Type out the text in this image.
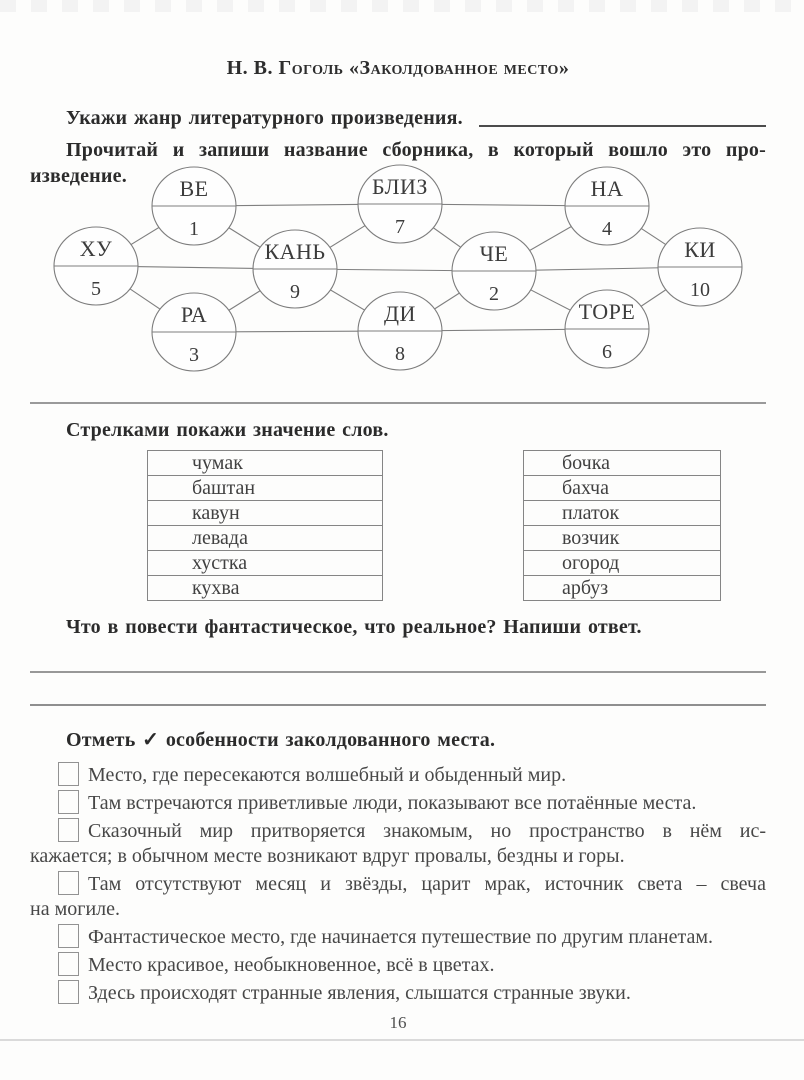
Н. В. Гоголь «Заколдованное место»
Укажи жанр литературного произведения.
Прочитай и запиши название сборника, в который вошло это про-
изведение.	ВЕ
1
БЛИЗ
7
НА
4
ХУ
5
КАНЬ
9
ЧЕ
2
КИ
10
РА
3
ДИ
8
ТОРЕ
6
Стрелками покажи значение слов.
чумак
баштан
кавун
левада
хустка
кухва
бочка
бахча
платок
возчик
огород
арбуз
Что в повести фантастическое, что реальное? Напиши ответ.
Отметь ✓ особенности заколдованного места.
Место, где пересекаются волшебный и обыденный мир.
Там встречаются приветливые люди, показывают все потаённые места.
Сказочный мир притворяется знакомым, но пространство в нём ис-
кажается; в обычном месте возникают вдруг провалы, бездны и горы.
Там отсутствуют месяц и звёзды, царит мрак, источник света – свеча
на могиле.
Фантастическое место, где начинается путешествие по другим планетам.
Место красивое, необыкновенное, всё в цветах.
Здесь происходят странные явления, слышатся странные звуки.
16
